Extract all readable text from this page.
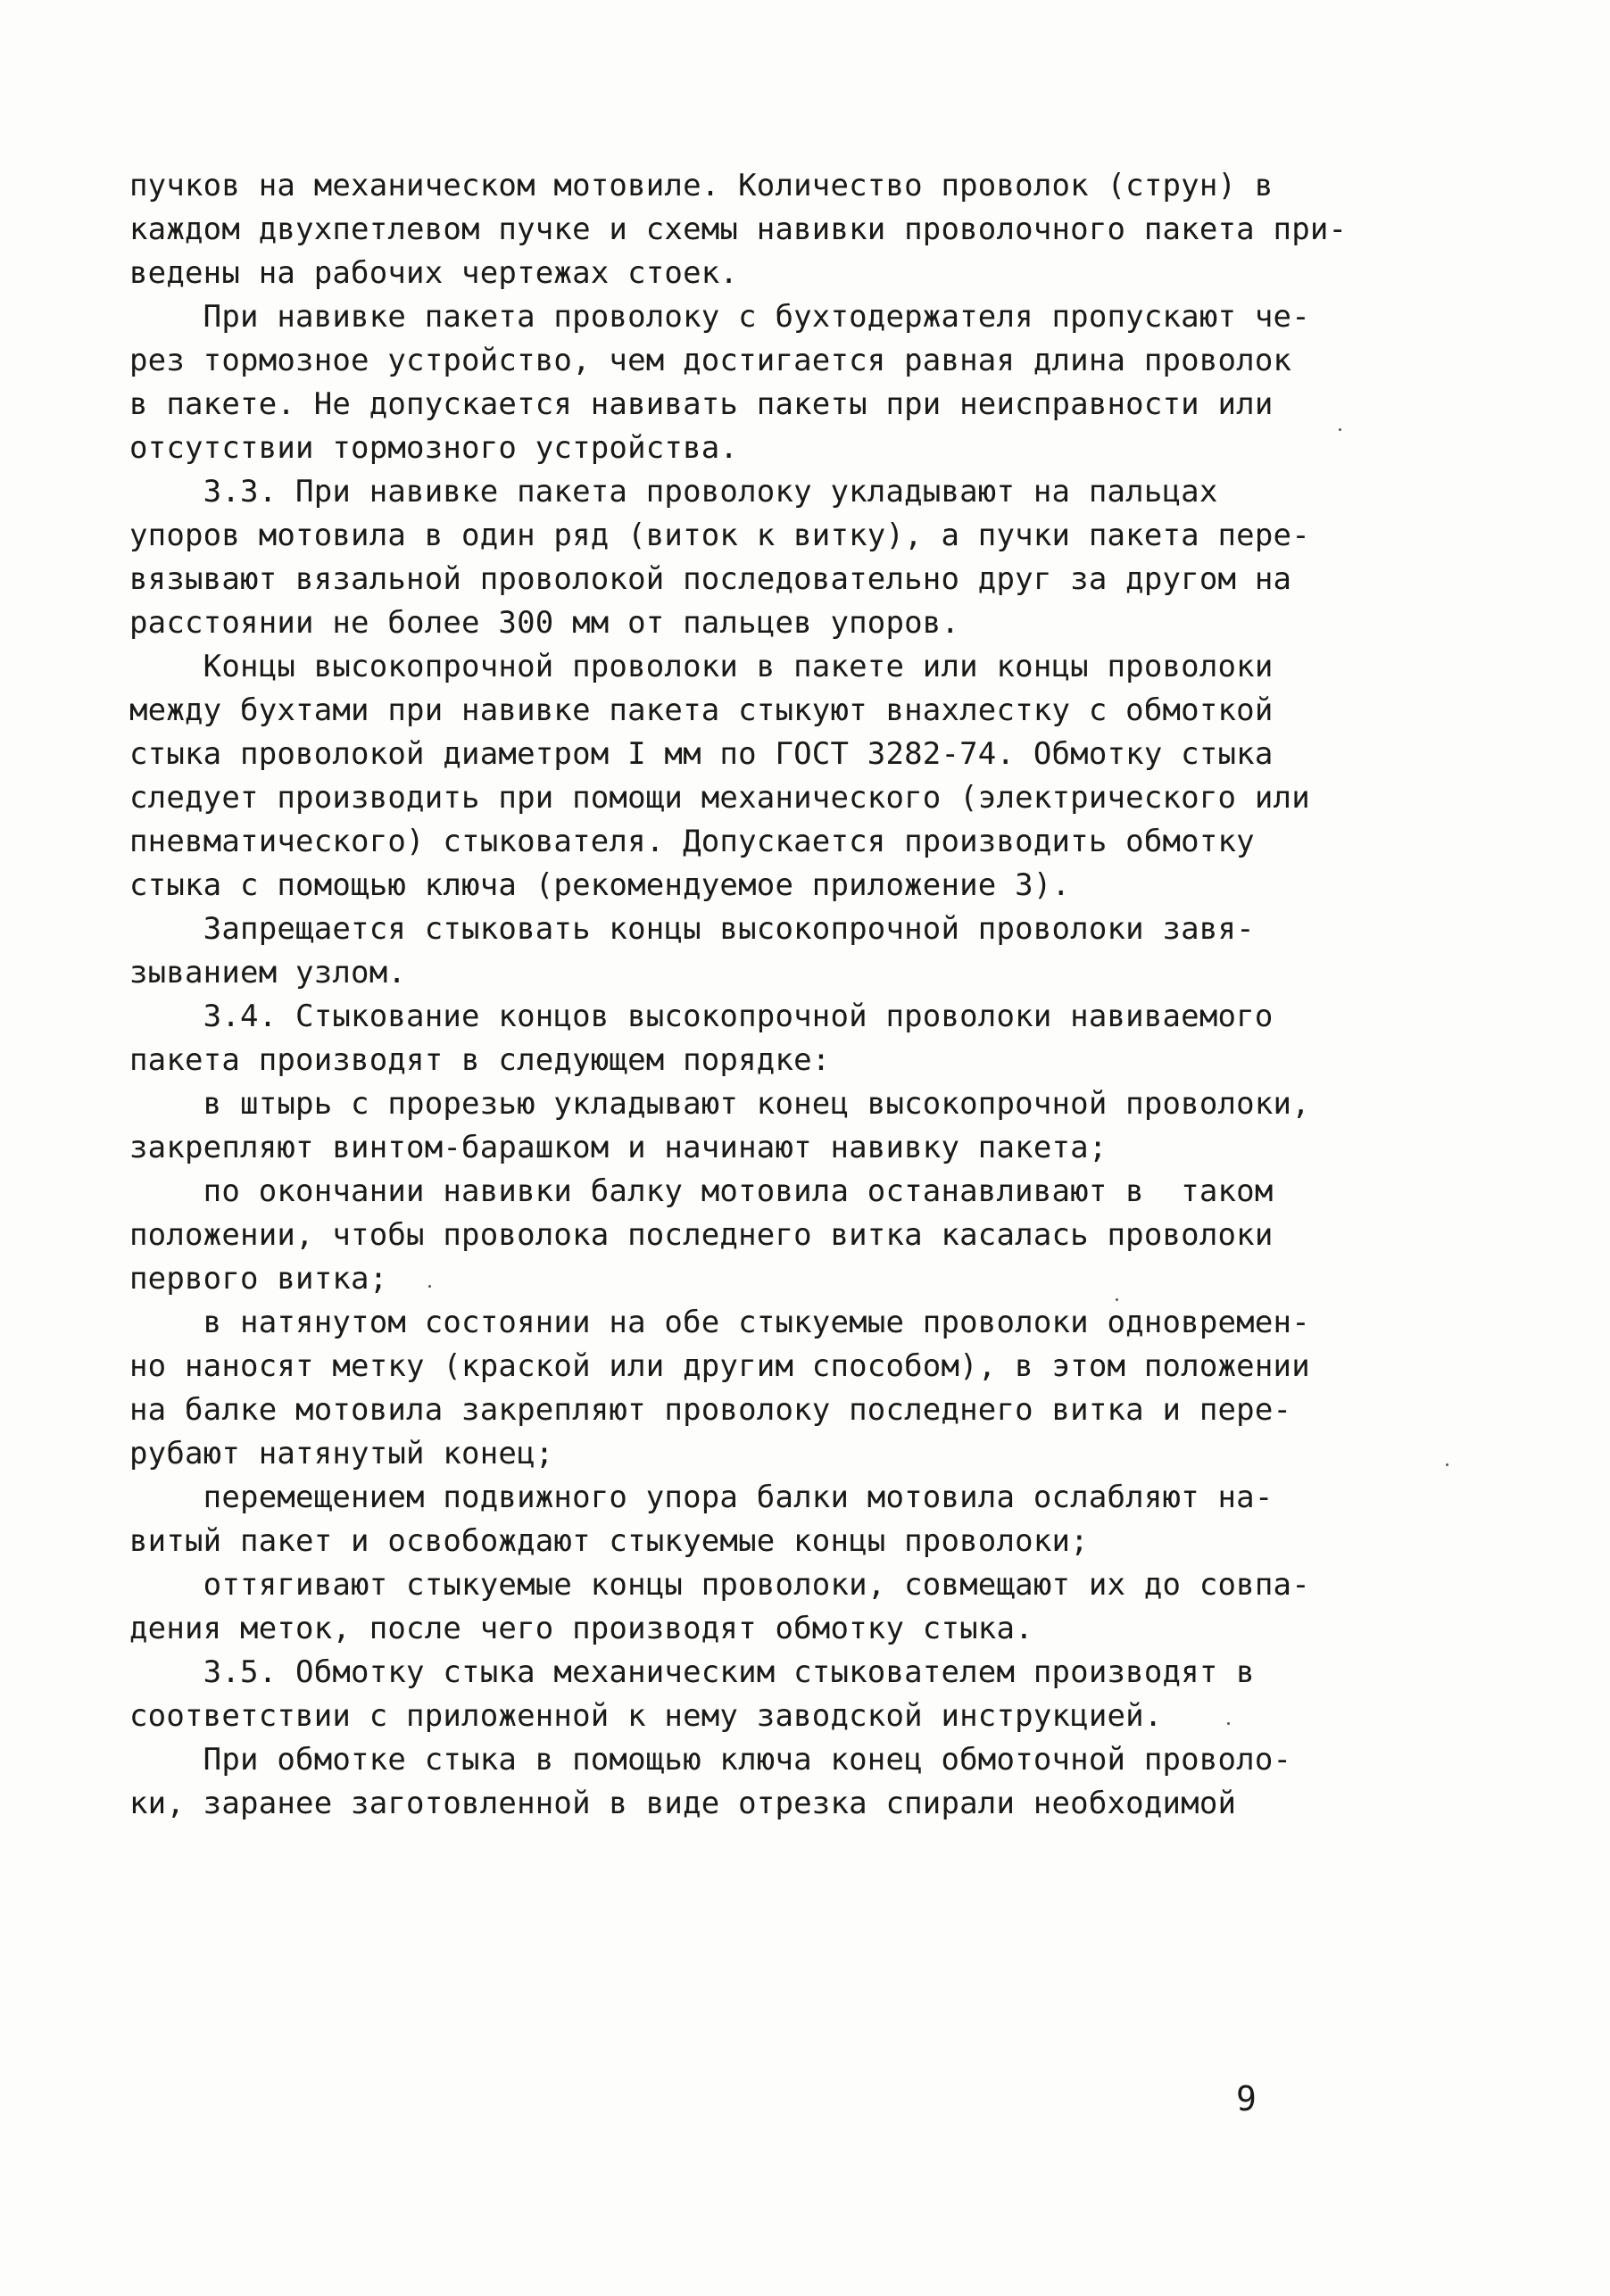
пучков на механическом мотовиле. Количество проволок (струн) в
каждом двухпетлевом пучке и схемы навивки проволочного пакета при-
ведены на рабочих чертежах стоек.
При навивке пакета проволоку с бухтодержателя пропускают че-
рез тормозное устройство, чем достигается равная длина проволок
в пакете. Не допускается навивать пакеты при неисправности или
отсутствии тормозного устройства.
3.3. При навивке пакета проволоку укладывают на пальцах
упоров мотовила в один ряд (виток к витку), а пучки пакета пере-
вязывают вязальной проволокой последовательно друг за другом на
расстоянии не более 300 мм от пальцев упоров.
Концы высокопрочной проволоки в пакете или концы проволоки
между бухтами при навивке пакета стыкуют внахлестку с обмоткой
стыка проволокой диаметром I мм по ГОСТ 3282-74. Обмотку стыка
следует производить при помощи механического (электрического или
пневматического) стыкователя. Допускается производить обмотку
стыка с помощью ключа (рекомендуемое приложение 3).
Запрещается стыковать концы высокопрочной проволоки завя-
зыванием узлом.
3.4. Стыкование концов высокопрочной проволоки навиваемого
пакета производят в следующем порядке:
в штырь с прорезью укладывают конец высокопрочной проволоки,
закрепляют винтом-барашком и начинают навивку пакета;
по окончании навивки балку мотовила останавливают в  таком
положении, чтобы проволока последнего витка касалась проволоки
первого витка;
в натянутом состоянии на обе стыкуемые проволоки одновремен-
но наносят метку (краской или другим способом), в этом положении
на балке мотовила закрепляют проволоку последнего витка и пере-
рубают натянутый конец;
перемещением подвижного упора балки мотовила ослабляют на-
витый пакет и освобождают стыкуемые концы проволоки;
оттягивают стыкуемые концы проволоки, совмещают их до совпа-
дения меток, после чего производят обмотку стыка.
3.5. Обмотку стыка механическим стыкователем производят в
соответствии с приложенной к нему заводской инструкцией.
При обмотке стыка в помощью ключа конец обмоточной проволо-
ки, заранее заготовленной в виде отрезка спирали необходимой
9
